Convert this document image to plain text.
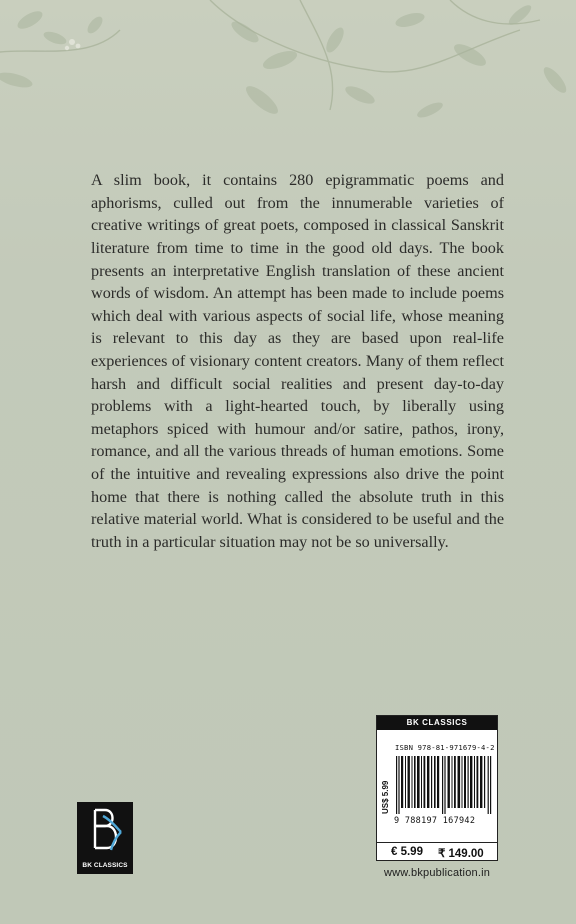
A slim book, it contains 280 epigrammatic poems and aphorisms, culled out from the innumerable varieties of creative writings of great poets, composed in classical Sanskrit literature from time to time in the good old days. The book presents an interpretative English translation of these ancient words of wisdom. An attempt has been made to include poems which deal with various aspects of social life, whose meaning is relevant to this day as they are based upon real-life experiences of visionary content creators. Many of them reflect harsh and difficult social realities and present day-to-day problems with a light-hearted touch, by liberally using metaphors spiced with humour and/or satire, pathos, irony, romance, and all the various threads of human emotions. Some of the intuitive and revealing expressions also drive the point home that there is nothing called the absolute truth in this relative material world. What is considered to be useful and the truth in a particular situation may not be so universally.

BK CLASSICS
BK CLASSICS
ISBN 978-81-971679-4-2
US$ 5.99
9 788197 167942
€ 5.99 ₹ 149.00
www.bkpublication.in
